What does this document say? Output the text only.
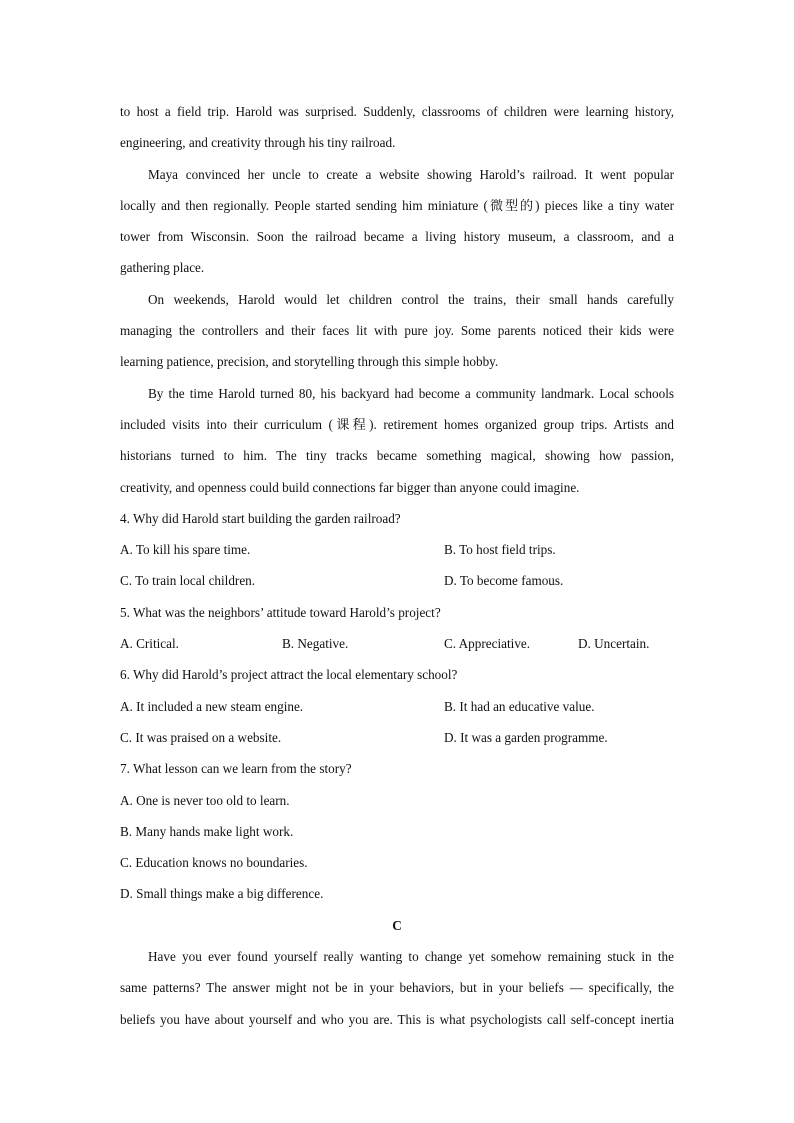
to host a field trip. Harold was surprised. Suddenly, classrooms of children were learning history,
engineering, and creativity through his tiny railroad.

Maya convinced her uncle to create a website showing Harold’s railroad. It went popular
locally and then regionally. People started sending him miniature (微型的) pieces like a tiny water
tower from Wisconsin. Soon the railroad became a living history museum, a classroom, and a
gathering place.

On weekends, Harold would let children control the trains, their small hands carefully
managing the controllers and their faces lit with pure joy. Some parents noticed their kids were
learning patience, precision, and storytelling through this simple hobby.

By the time Harold turned 80, his backyard had become a community landmark. Local schools
included visits into their curriculum (课程). retirement homes organized group trips. Artists and
historians turned to him. The tiny tracks became something magical, showing how passion,
creativity, and openness could build connections far bigger than anyone could imagine.

4. Why did Harold start building the garden railroad?

A. To kill his spare time.	B. To host field trips.
C. To train local children.	D. To become famous.

5. What was the neighbors’ attitude toward Harold’s project?

A. Critical.	B. Negative.	C. Appreciative.	D. Uncertain.

6. Why did Harold’s project attract the local elementary school?

A. It included a new steam engine.	B. It had an educative value.
C. It was praised on a website.	D. It was a garden programme.

7. What lesson can we learn from the story?

A. One is never too old to learn.

B. Many hands make light work.

C. Education knows no boundaries.

D. Small things make a big difference.

C

Have you ever found yourself really wanting to change yet somehow remaining stuck in the
same patterns? The answer might not be in your behaviors, but in your beliefs — specifically, the
beliefs you have about yourself and who you are. This is what psychologists call self-concept inertia
